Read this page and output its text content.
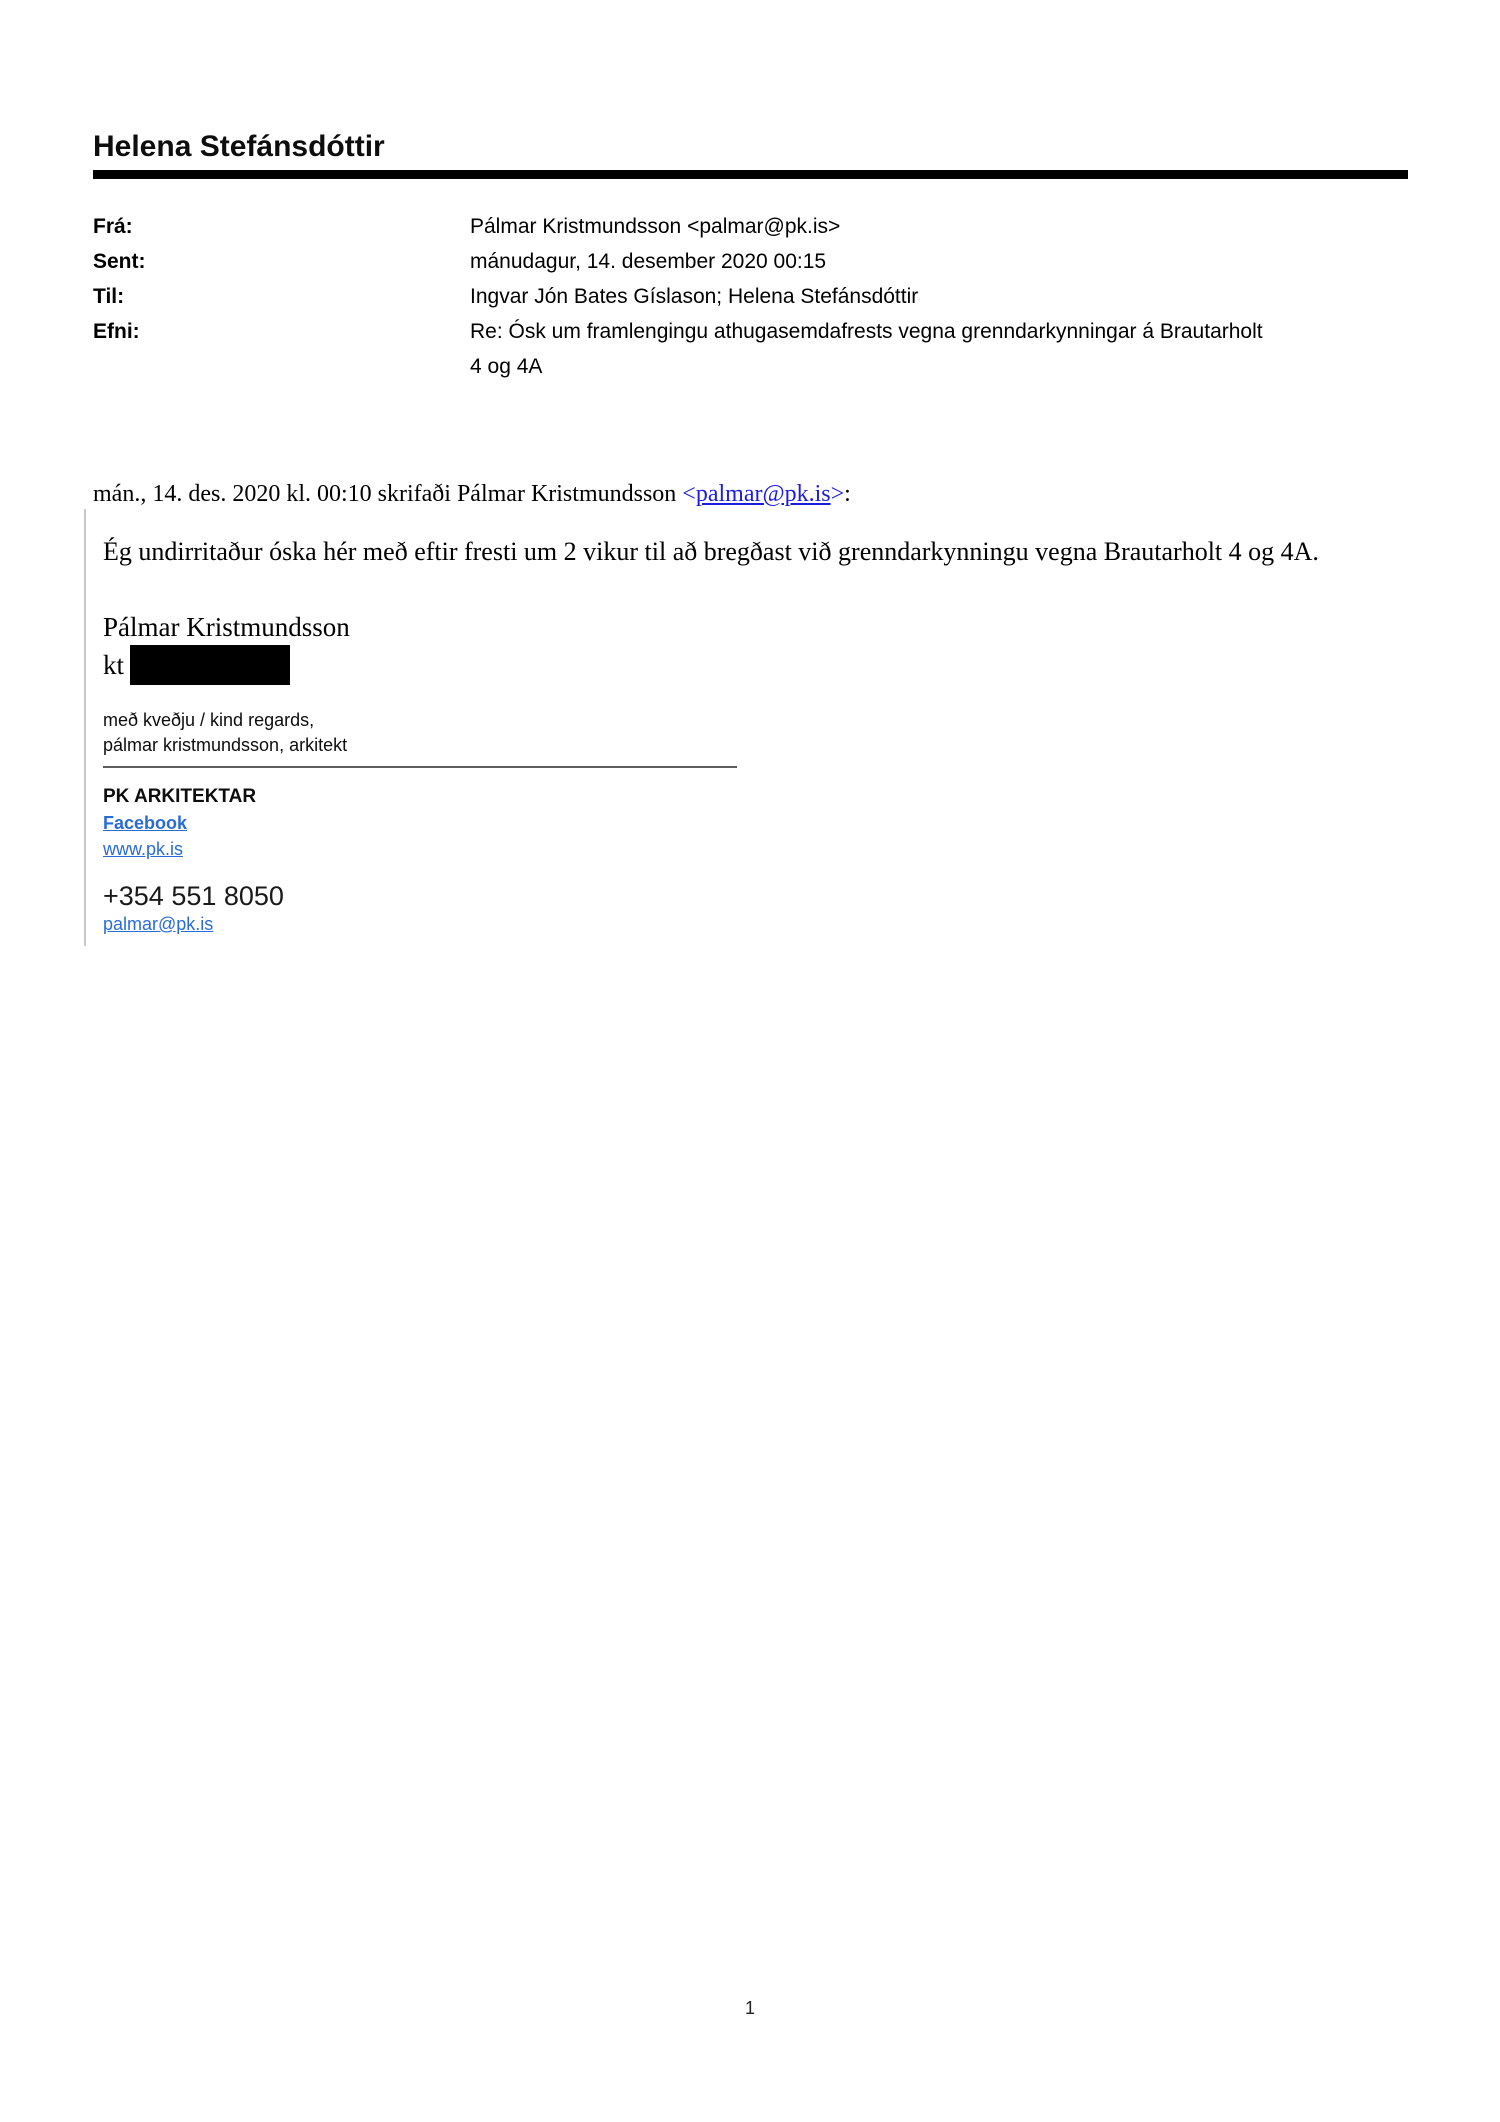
Helena Stefánsdóttir
Frá:	Pálmar Kristmundsson <palmar@pk.is>
Sent:	mánudagur, 14. desember 2020 00:15
Til:	Ingvar Jón Bates Gíslason; Helena Stefánsdóttir
Efni:	Re: Ósk um framlengingu athugasemdafrests vegna grenndarkynningar á Brautarholt 4 og 4A

mán., 14. des. 2020 kl. 00:10 skrifaði Pálmar Kristmundsson <palmar@pk.is>:

Ég undirritaður óska hér með eftir fresti um 2 vikur til að bregðast við grenndarkynningu vegna Brautarholt 4 og 4A.

Pálmar Kristmundsson

kt

með kveðju / kind regards,
pálmar kristmundsson, arkitekt
PK ARKITEKTAR
Facebook
www.pk.is
+354 551 8050
palmar@pk.is
1
